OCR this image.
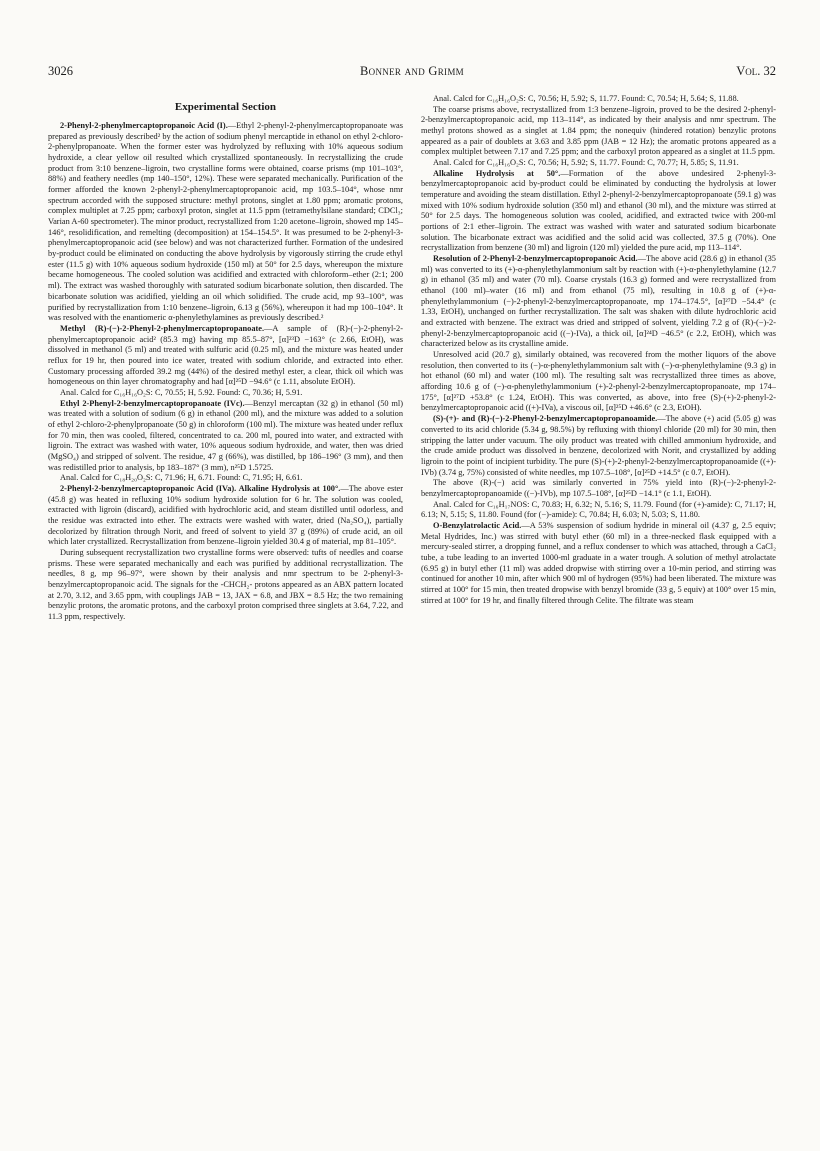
3026	Bonner and Grimm	Vol. 32
Experimental Section

2-Phenyl-2-phenylmercaptopropanoic Acid (I).—Ethyl 2-phenyl-2-phenylmercaptopropanoate was prepared as previously described² by the action of sodium phenyl mercaptide in ethanol on ethyl 2-chloro-2-phenylpropanoate. When the former ester was hydrolyzed by refluxing with 10% aqueous sodium hydroxide, a clear yellow oil resulted which crystallized spontaneously. In recrystallizing the crude product from 3:10 benzene–ligroin, two crystalline forms were obtained, coarse prisms (mp 101–103°, 88%) and feathery needles (mp 140–150°, 12%). These were separated mechanically. Purification of the former afforded the known 2-phenyl-2-phenylmercaptopropanoic acid, mp 103.5–104°, whose nmr spectrum accorded with the supposed structure: methyl protons, singlet at 1.80 ppm; aromatic protons, complex multiplet at 7.25 ppm; carboxyl proton, singlet at 11.5 ppm (tetramethylsilane standard; CDCl₃; Varian A-60 spectrometer). The minor product, recrystallized from 1:20 acetone–ligroin, showed mp 145–146°, resolidification, and remelting (decomposition) at 154–154.5°. It was presumed to be 2-phenyl-3-phenylmercaptopropanoic acid (see below) and was not characterized further. Formation of the undesired by-product could be eliminated on conducting the above hydrolysis by vigorously stirring the crude ethyl ester (11.5 g) with 10% aqueous sodium hydroxide (150 ml) at 50° for 2.5 days, whereupon the mixture became homogeneous. The cooled solution was acidified and extracted with chloroform–ether (2:1; 200 ml). The extract was washed thoroughly with saturated sodium bicarbonate solution, then discarded. The bicarbonate solution was acidified, yielding an oil which solidified. The crude acid, mp 93–100°, was purified by recrystallization from 1:10 benzene–ligroin, 6.13 g (56%), whereupon it had mp 100–104°. It was resolved with the enantiomeric α-phenylethylamines as previously described.²

Methyl (R)-(−)-2-Phenyl-2-phenylmercaptopropanoate.—A sample of (R)-(−)-2-phenyl-2-phenylmercaptopropanoic acid² (85.3 mg) having mp 85.5–87°, [α]²³D −163° (c 2.66, EtOH), was dissolved in methanol (5 ml) and treated with sulfuric acid (0.25 ml), and the mixture was heated under reflux for 19 hr, then poured into ice water, treated with sodium chloride, and extracted into ether. Customary processing afforded 39.2 mg (44%) of the desired methyl ester, a clear, thick oil which was homogeneous on thin layer chromatography and had [α]²⁵D −94.6° (c 1.11, absolute EtOH).

Anal. Calcd for C₁₆H₁₆O₂S: C, 70.55; H, 5.92. Found: C, 70.36; H, 5.91.

Ethyl 2-Phenyl-2-benzylmercaptopropanoate (IVc).—Benzyl mercaptan (32 g) in ethanol (50 ml) was treated with a solution of sodium (6 g) in ethanol (200 ml), and the mixture was added to a solution of ethyl 2-chloro-2-phenylpropanoate (50 g) in chloroform (100 ml). The mixture was heated under reflux for 70 min, then was cooled, filtered, concentrated to ca. 200 ml, poured into water, and extracted with ligroin. The extract was washed with water, 10% aqueous sodium hydroxide, and water, then was dried (MgSO₄) and stripped of solvent. The residue, 47 g (66%), was distilled, bp 186–196° (3 mm), and then was redistilled prior to analysis, bp 183–187° (3 mm), n²⁵D 1.5725.

Anal. Calcd for C₁₈H₂₀O₂S: C, 71.96; H, 6.71. Found: C, 71.95; H, 6.61.

2-Phenyl-2-benzylmercaptopropanoic Acid (IVa). Alkaline Hydrolysis at 100°.—The above ester (45.8 g) was heated in refluxing 10% sodium hydroxide solution for 6 hr. The solution was cooled, extracted with ligroin (discard), acidified with hydrochloric acid, and steam distilled until odorless, and the residue was extracted into ether. The extracts were washed with water, dried (Na₂SO₄), partially decolorized by filtration through Norit, and freed of solvent to yield 37 g (89%) of crude acid, an oil which later crystallized. Recrystallization from benzene–ligroin yielded 30.4 g of material, mp 81–105°.

During subsequent recrystallization two crystalline forms were observed: tufts of needles and coarse prisms. These were separated mechanically and each was purified by additional recrystallization. The needles, 8 g, mp 96–97°, were shown by their analysis and nmr spectrum to be 2-phenyl-3-benzylmercaptopropanoic acid. The signals for the -CHCH₂- protons appeared as an ABX pattern located at 2.70, 3.12, and 3.65 ppm, with couplings JAB = 13, JAX = 6.8, and JBX = 8.5 Hz; the two remaining benzylic protons, the aromatic protons, and the carboxyl proton comprised three singlets at 3.64, 7.22, and 11.3 ppm, respectively.

Anal. Calcd for C₁₆H₁₆O₂S: C, 70.56; H, 5.92; S, 11.77. Found: C, 70.54; H, 5.64; S, 11.88.

The coarse prisms above, recrystallized from 1:3 benzene–ligroin, proved to be the desired 2-phenyl-2-benzylmercaptopropanoic acid, mp 113–114°, as indicated by their analysis and nmr spectrum. The methyl protons showed as a singlet at 1.84 ppm; the nonequiv (hindered rotation) benzylic protons appeared as a pair of doublets at 3.63 and 3.85 ppm (JAB = 12 Hz); the aromatic protons appeared as a complex multiplet between 7.17 and 7.25 ppm; and the carboxyl proton appeared as a singlet at 11.5 ppm.

Anal. Calcd for C₁₆H₁₆O₂S: C, 70.56; H, 5.92; S, 11.77. Found: C, 70.77; H, 5.85; S, 11.91.

Alkaline Hydrolysis at 50°.—Formation of the above undesired 2-phenyl-3-benzylmercaptopropanoic acid by-product could be eliminated by conducting the hydrolysis at lower temperature and avoiding the steam distillation. Ethyl 2-phenyl-2-benzylmercaptopropanoate (59.1 g) was mixed with 10% sodium hydroxide solution (350 ml) and ethanol (30 ml), and the mixture was stirred at 50° for 2.5 days. The homogeneous solution was cooled, acidified, and extracted twice with 200-ml portions of 2:1 ether–ligroin. The extract was washed with water and saturated sodium bicarbonate solution. The bicarbonate extract was acidified and the solid acid was collected, 37.5 g (70%). One recrystallization from benzene (30 ml) and ligroin (120 ml) yielded the pure acid, mp 113–114°.

Resolution of 2-Phenyl-2-benzylmercaptopropanoic Acid.—The above acid (28.6 g) in ethanol (35 ml) was converted to its (+)-α-phenylethylammonium salt by reaction with (+)-α-phenylethylamine (12.7 g) in ethanol (35 ml) and water (70 ml). Coarse crystals (16.3 g) formed and were recrystallized from ethanol (100 ml)–water (16 ml) and from ethanol (75 ml), resulting in 10.8 g of (+)-α-phenylethylammonium (−)-2-phenyl-2-benzylmercaptopropanoate, mp 174–174.5°, [α]²⁷D −54.4° (c 1.33, EtOH), unchanged on further recrystallization. The salt was shaken with dilute hydrochloric acid and extracted with benzene. The extract was dried and stripped of solvent, yielding 7.2 g of (R)-(−)-2-phenyl-2-benzylmercaptopropanoic acid ((−)-IVa), a thick oil, [α]²⁴D −46.5° (c 2.2, EtOH), which was characterized below as its crystalline amide.

Unresolved acid (20.7 g), similarly obtained, was recovered from the mother liquors of the above resolution, then converted to its (−)-α-phenylethylammonium salt with (−)-α-phenylethylamine (9.3 g) in hot ethanol (60 ml) and water (100 ml). The resulting salt was recrystallized three times as above, affording 10.6 g of (−)-α-phenylethylammonium (+)-2-phenyl-2-benzylmercaptopropanoate, mp 174–175°, [α]²⁷D +53.8° (c 1.24, EtOH). This was converted, as above, into free (S)-(+)-2-phenyl-2-benzylmercaptopropanoic acid ((+)-IVa), a viscous oil, [α]²⁵D +46.6° (c 2.3, EtOH).

(S)-(+)- and (R)-(−)-2-Phenyl-2-benzylmercaptopropanoamide.—The above (+) acid (5.05 g) was converted to its acid chloride (5.34 g, 98.5%) by refluxing with thionyl chloride (20 ml) for 30 min, then stripping the latter under vacuum. The oily product was treated with chilled ammonium hydroxide, and the crude amide product was dissolved in benzene, decolorized with Norit, and crystallized by adding ligroin to the point of incipient turbidity. The pure (S)-(+)-2-phenyl-2-benzylmercaptopropanoamide ((+)-IVb) (3.74 g, 75%) consisted of white needles, mp 107.5–108°, [α]²⁵D +14.5° (c 0.7, EtOH).

The above (R)-(−) acid was similarly converted in 75% yield into (R)-(−)-2-phenyl-2-benzylmercaptopropanoamide ((−)-IVb), mp 107.5–108°, [α]²⁵D −14.1° (c 1.1, EtOH).

Anal. Calcd for C₁₆H₁₇NOS: C, 70.83; H, 6.32; N, 5.16; S, 11.79. Found (for (+)-amide): C, 71.17; H, 6.13; N, 5.15; S, 11.80. Found (for (−)-amide): C, 70.84; H, 6.03; N, 5.03; S, 11.80.

O-Benzylatrolactic Acid.—A 53% suspension of sodium hydride in mineral oil (4.37 g, 2.5 equiv; Metal Hydrides, Inc.) was stirred with butyl ether (60 ml) in a three-necked flask equipped with a mercury-sealed stirrer, a dropping funnel, and a reflux condenser to which was attached, through a CaCl₂ tube, a tube leading to an inverted 1000-ml graduate in a water trough. A solution of methyl atrolactate (6.95 g) in butyl ether (11 ml) was added dropwise with stirring over a 10-min period, and stirring was continued for another 10 min, after which 900 ml of hydrogen (95%) had been liberated. The mixture was stirred at 100° for 15 min, then treated dropwise with benzyl bromide (33 g, 5 equiv) at 100° over 15 min, stirred at 100° for 19 hr, and finally filtered through Celite. The filtrate was steam
